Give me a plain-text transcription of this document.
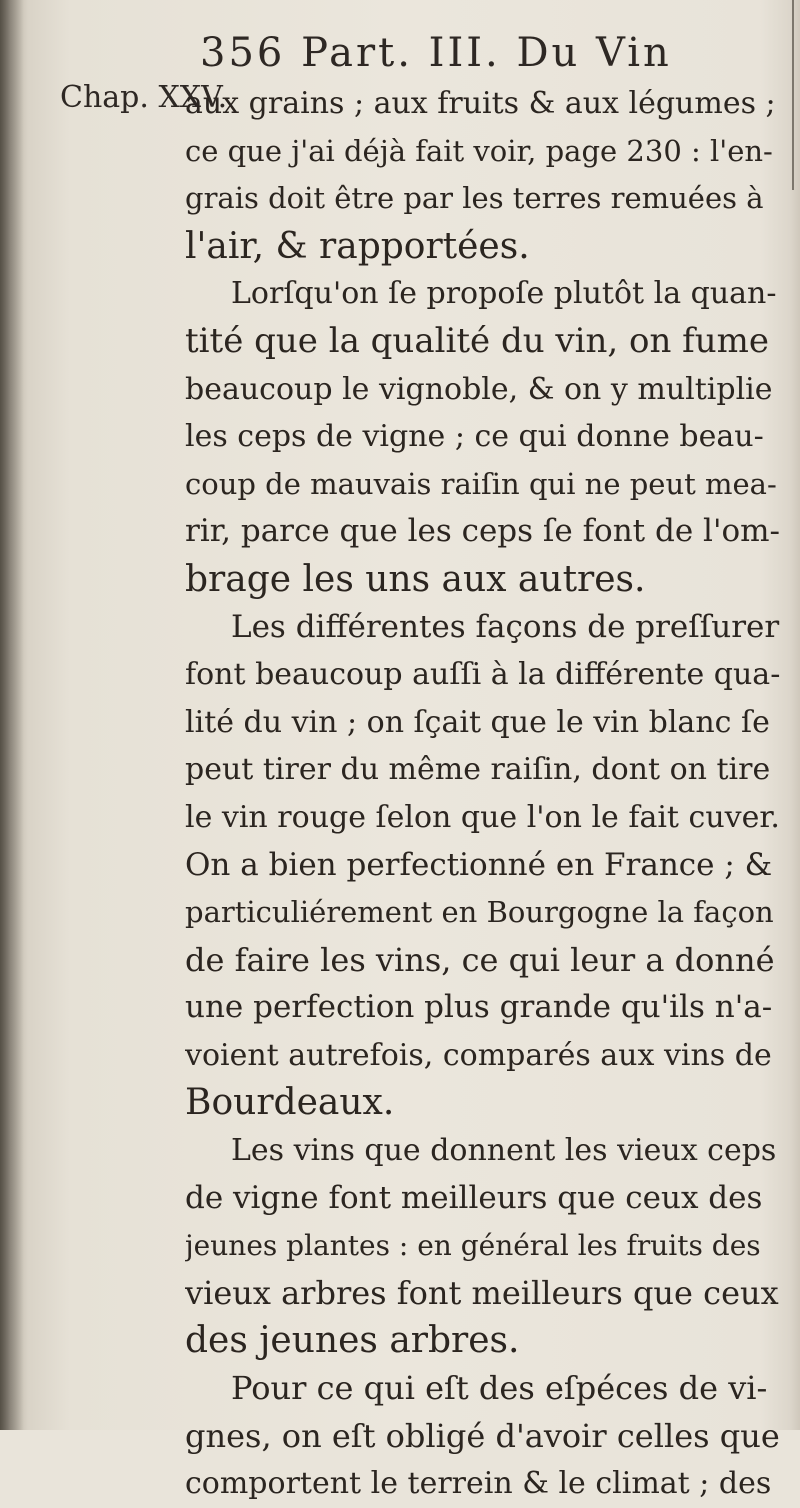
356 Part. III. Du Vin
Chap. XXV.
aux grains ; aux fruits & aux légumes ;
ce que j'ai déjà fait voir, page 230 : l'en-
grais doit être par les terres remuées à
l'air, & rapportées.
Lorſqu'on ſe propoſe plutôt la quan-
tité que la qualité du vin, on fume
beaucoup le vignoble, & on y multiplie
les ceps de vigne ; ce qui donne beau-
coup de mauvais raiſin qui ne peut mea-
rir, parce que les ceps ſe font de l'om-
brage les uns aux autres.
Les différentes façons de preſſurer
font beaucoup auſſi à la différente qua-
lité du vin ; on ſçait que le vin blanc ſe
peut tirer du même raiſin, dont on tire
le vin rouge ſelon que l'on le fait cuver.
On a bien perfectionné en France ; &
particuliérement en Bourgogne la façon
de faire les vins, ce qui leur a donné
une perfection plus grande qu'ils n'a-
voient autrefois, comparés aux vins de
Bourdeaux.
Les vins que donnent les vieux ceps
de vigne font meilleurs que ceux des
jeunes plantes : en général les fruits des
vieux arbres font meilleurs que ceux
des jeunes arbres.
Pour ce qui eſt des eſpéces de vi-
gnes, on eſt obligé d'avoir celles que
comportent le terrein & le climat ; des
